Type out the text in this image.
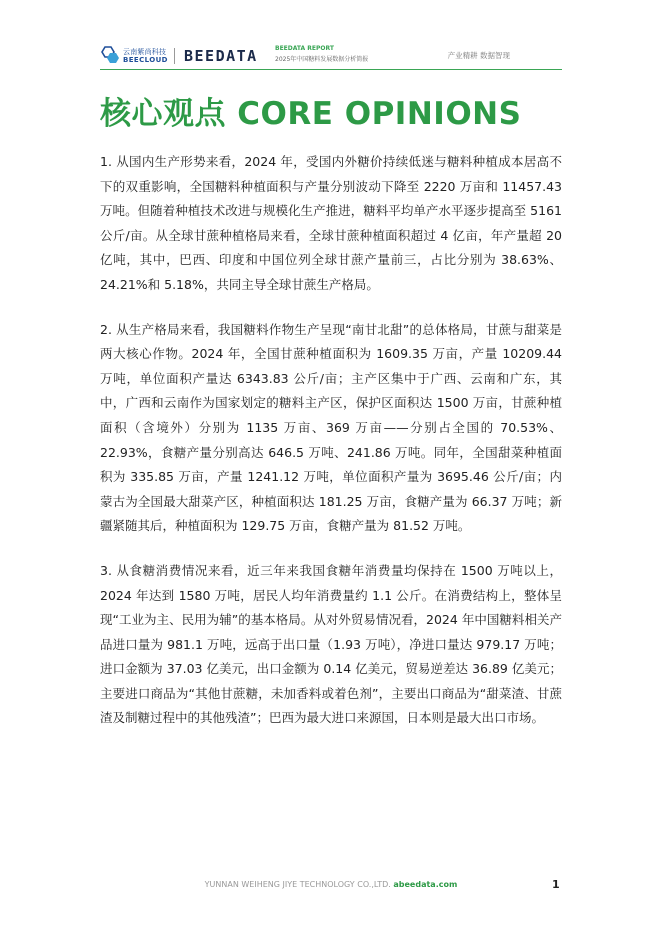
云南紫尚科技
BEECLOUD BEEDATA	BEEDATA REPORT
2025年中国糖料发展数据分析简报	产业精耕 数据智现
核心观点 CORE OPINIONS

1. 从国内生产形势来看，2024 年，受国内外糖价持续低迷与糖料种植成本居高不下的双重影响，全国糖料种植面积与产量分别波动下降至 2220 万亩和 11457.43 万吨。但随着种植技术改进与规模化生产推进，糖料平均单产水平逐步提高至 5161 公斤/亩。从全球甘蔗种植格局来看，全球甘蔗种植面积超过 4 亿亩，年产量超 20 亿吨，其中，巴西、印度和中国位列全球甘蔗产量前三，占比分别为 38.63%、24.21%和 5.18%，共同主导全球甘蔗生产格局。

2. 从生产格局来看，我国糖料作物生产呈现“南甘北甜”的总体格局，甘蔗与甜菜是两大核心作物。2024 年，全国甘蔗种植面积为 1609.35 万亩，产量 10209.44 万吨，单位面积产量达 6343.83 公斤/亩；主产区集中于广西、云南和广东，其中，广西和云南作为国家划定的糖料主产区，保护区面积达 1500 万亩，甘蔗种植面积（含境外）分别为 1135 万亩、369 万亩——分别占全国的 70.53%、22.93%，食糖产量分别高达 646.5 万吨、241.86 万吨。同年，全国甜菜种植面积为 335.85 万亩，产量 1241.12 万吨，单位面积产量为 3695.46 公斤/亩；内蒙古为全国最大甜菜产区，种植面积达 181.25 万亩，食糖产量为 66.37 万吨；新疆紧随其后，种植面积为 129.75 万亩，食糖产量为 81.52 万吨。

3. 从食糖消费情况来看，近三年来我国食糖年消费量均保持在 1500 万吨以上，2024 年达到 1580 万吨，居民人均年消费量约 1.1 公斤。在消费结构上，整体呈现“工业为主、民用为辅”的基本格局。从对外贸易情况看，2024 年中国糖料相关产品进口量为 981.1 万吨，远高于出口量（1.93 万吨），净进口量达 979.17 万吨；进口金额为 37.03 亿美元，出口金额为 0.14 亿美元，贸易逆差达 36.89 亿美元；主要进口商品为“其他甘蔗糖，未加香料或着色剂”，主要出口商品为“甜菜渣、甘蔗渣及制糖过程中的其他残渣”；巴西为最大进口来源国，日本则是最大出口市场。

YUNNAN WEIHENG JIYE TECHNOLOGY CO.,LTD. abeedata.com	1
